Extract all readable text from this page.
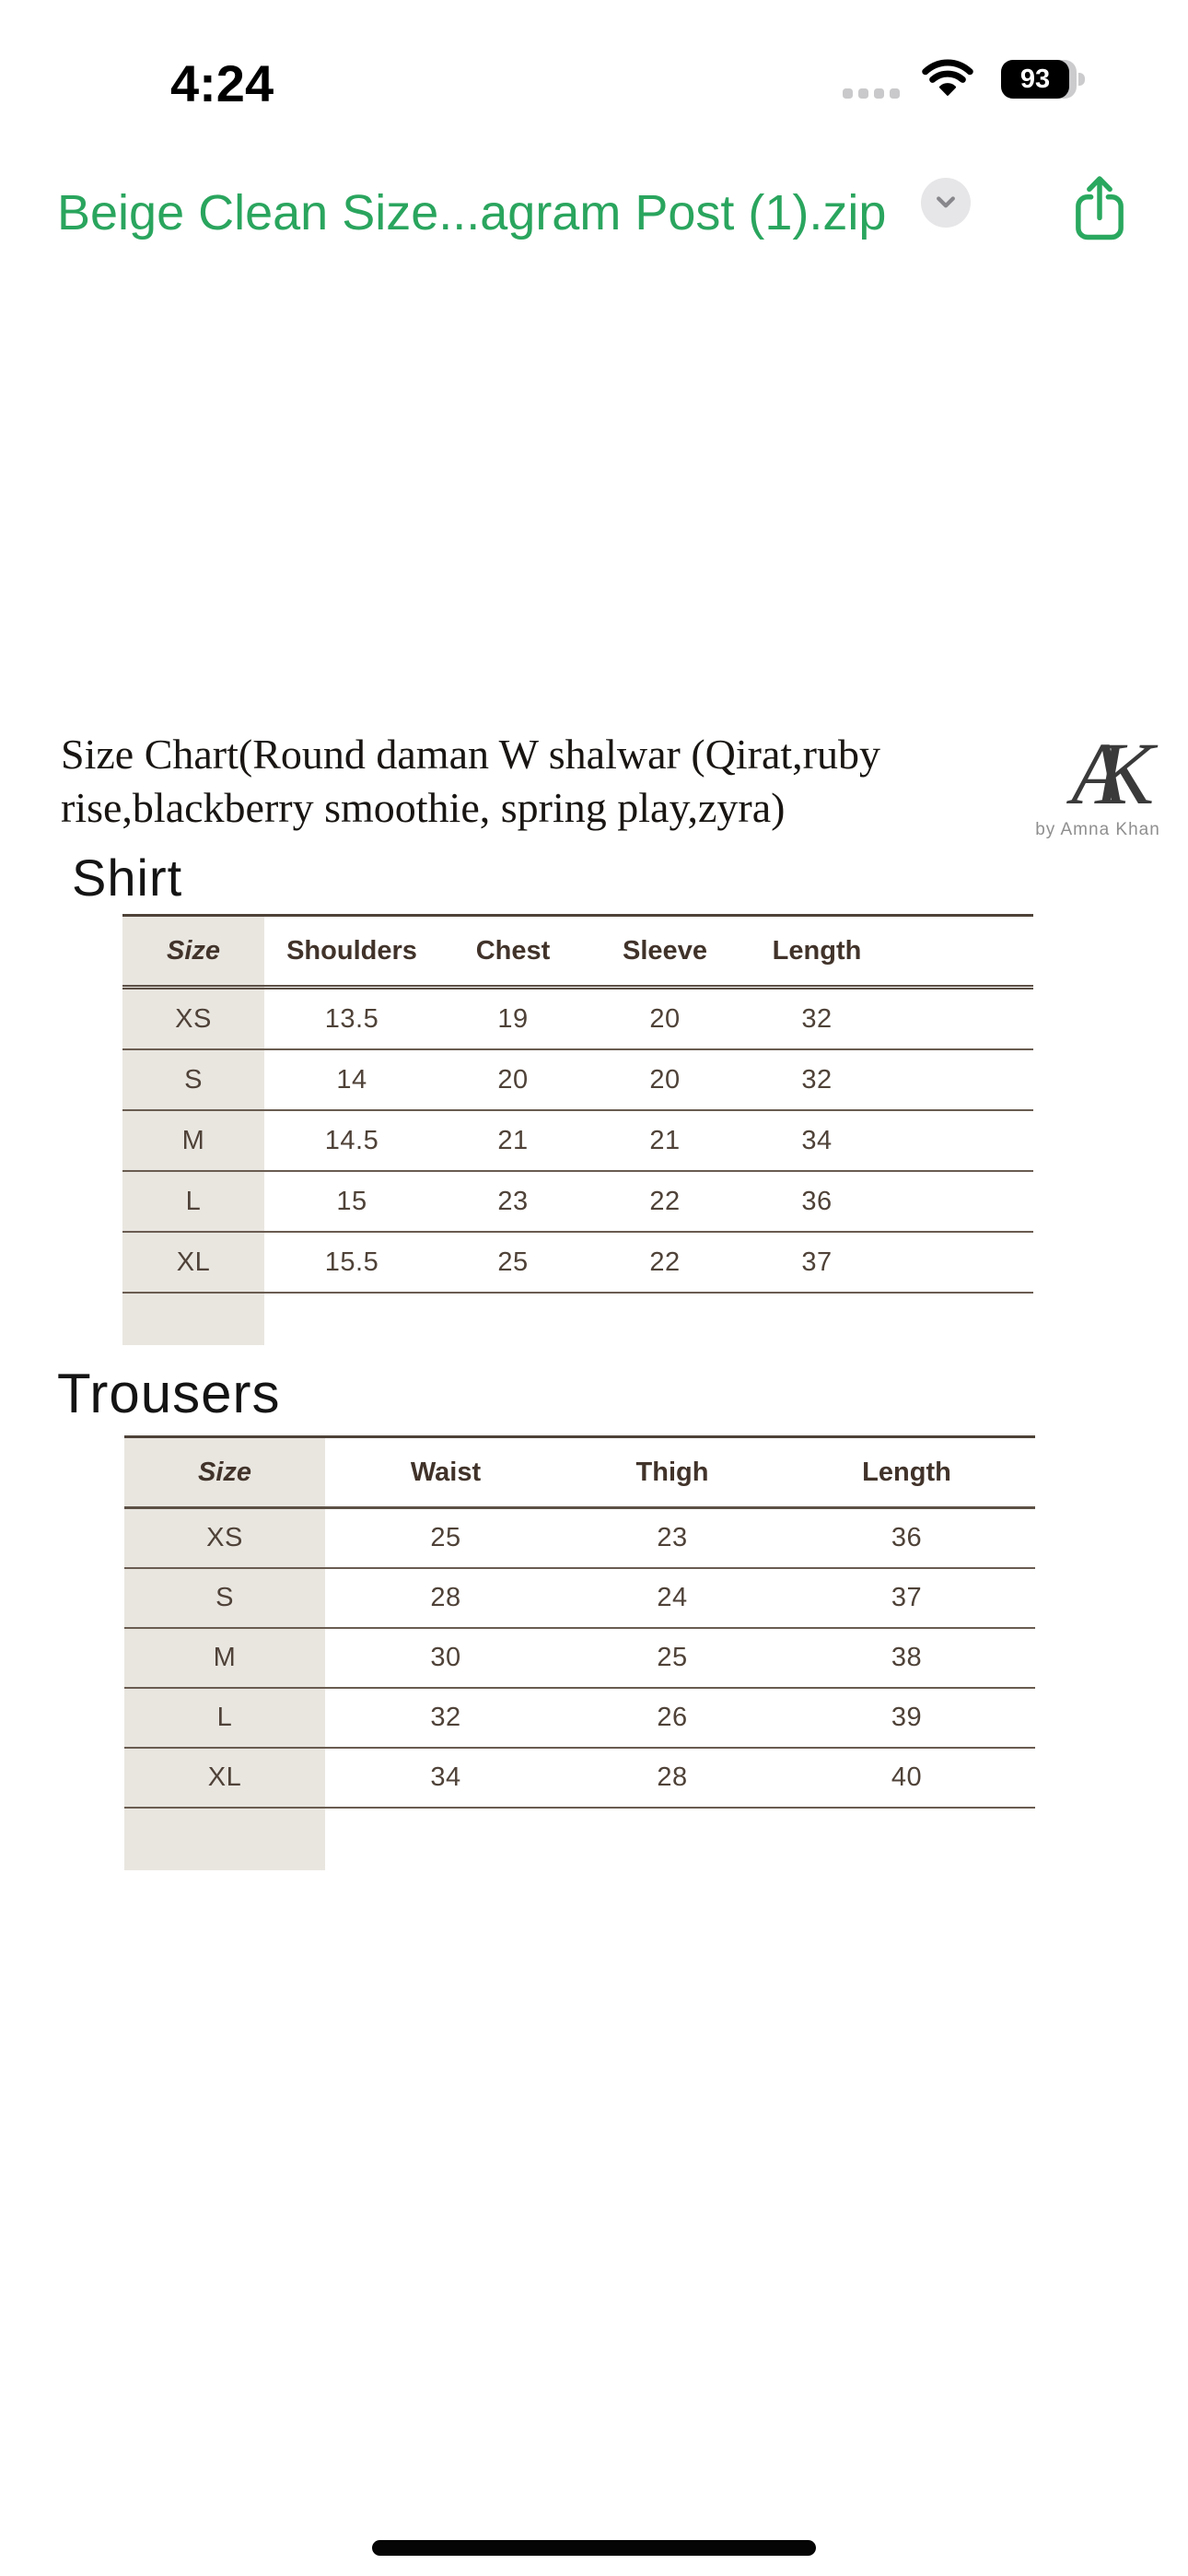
4:24	93
Beige Clean Size...agram Post (1).zip
Size Chart(Round daman W shalwar (Qirat,ruby
rise,blackberry smoothie, spring play,zyra)	AK
by Amna Khan
Shirt
Size	Shoulders	Chest	Sleeve	Length	
XS	13.5	19	20	32	
S	14	20	20	32	
M	14.5	21	21	34	
L	15	23	22	36	
XL	15.5	25	22	37	

Trousers
Size	Waist	Thigh	Length
XS	25	23	36
S	28	24	37
M	30	25	38
L	32	26	39
XL	34	28	40
